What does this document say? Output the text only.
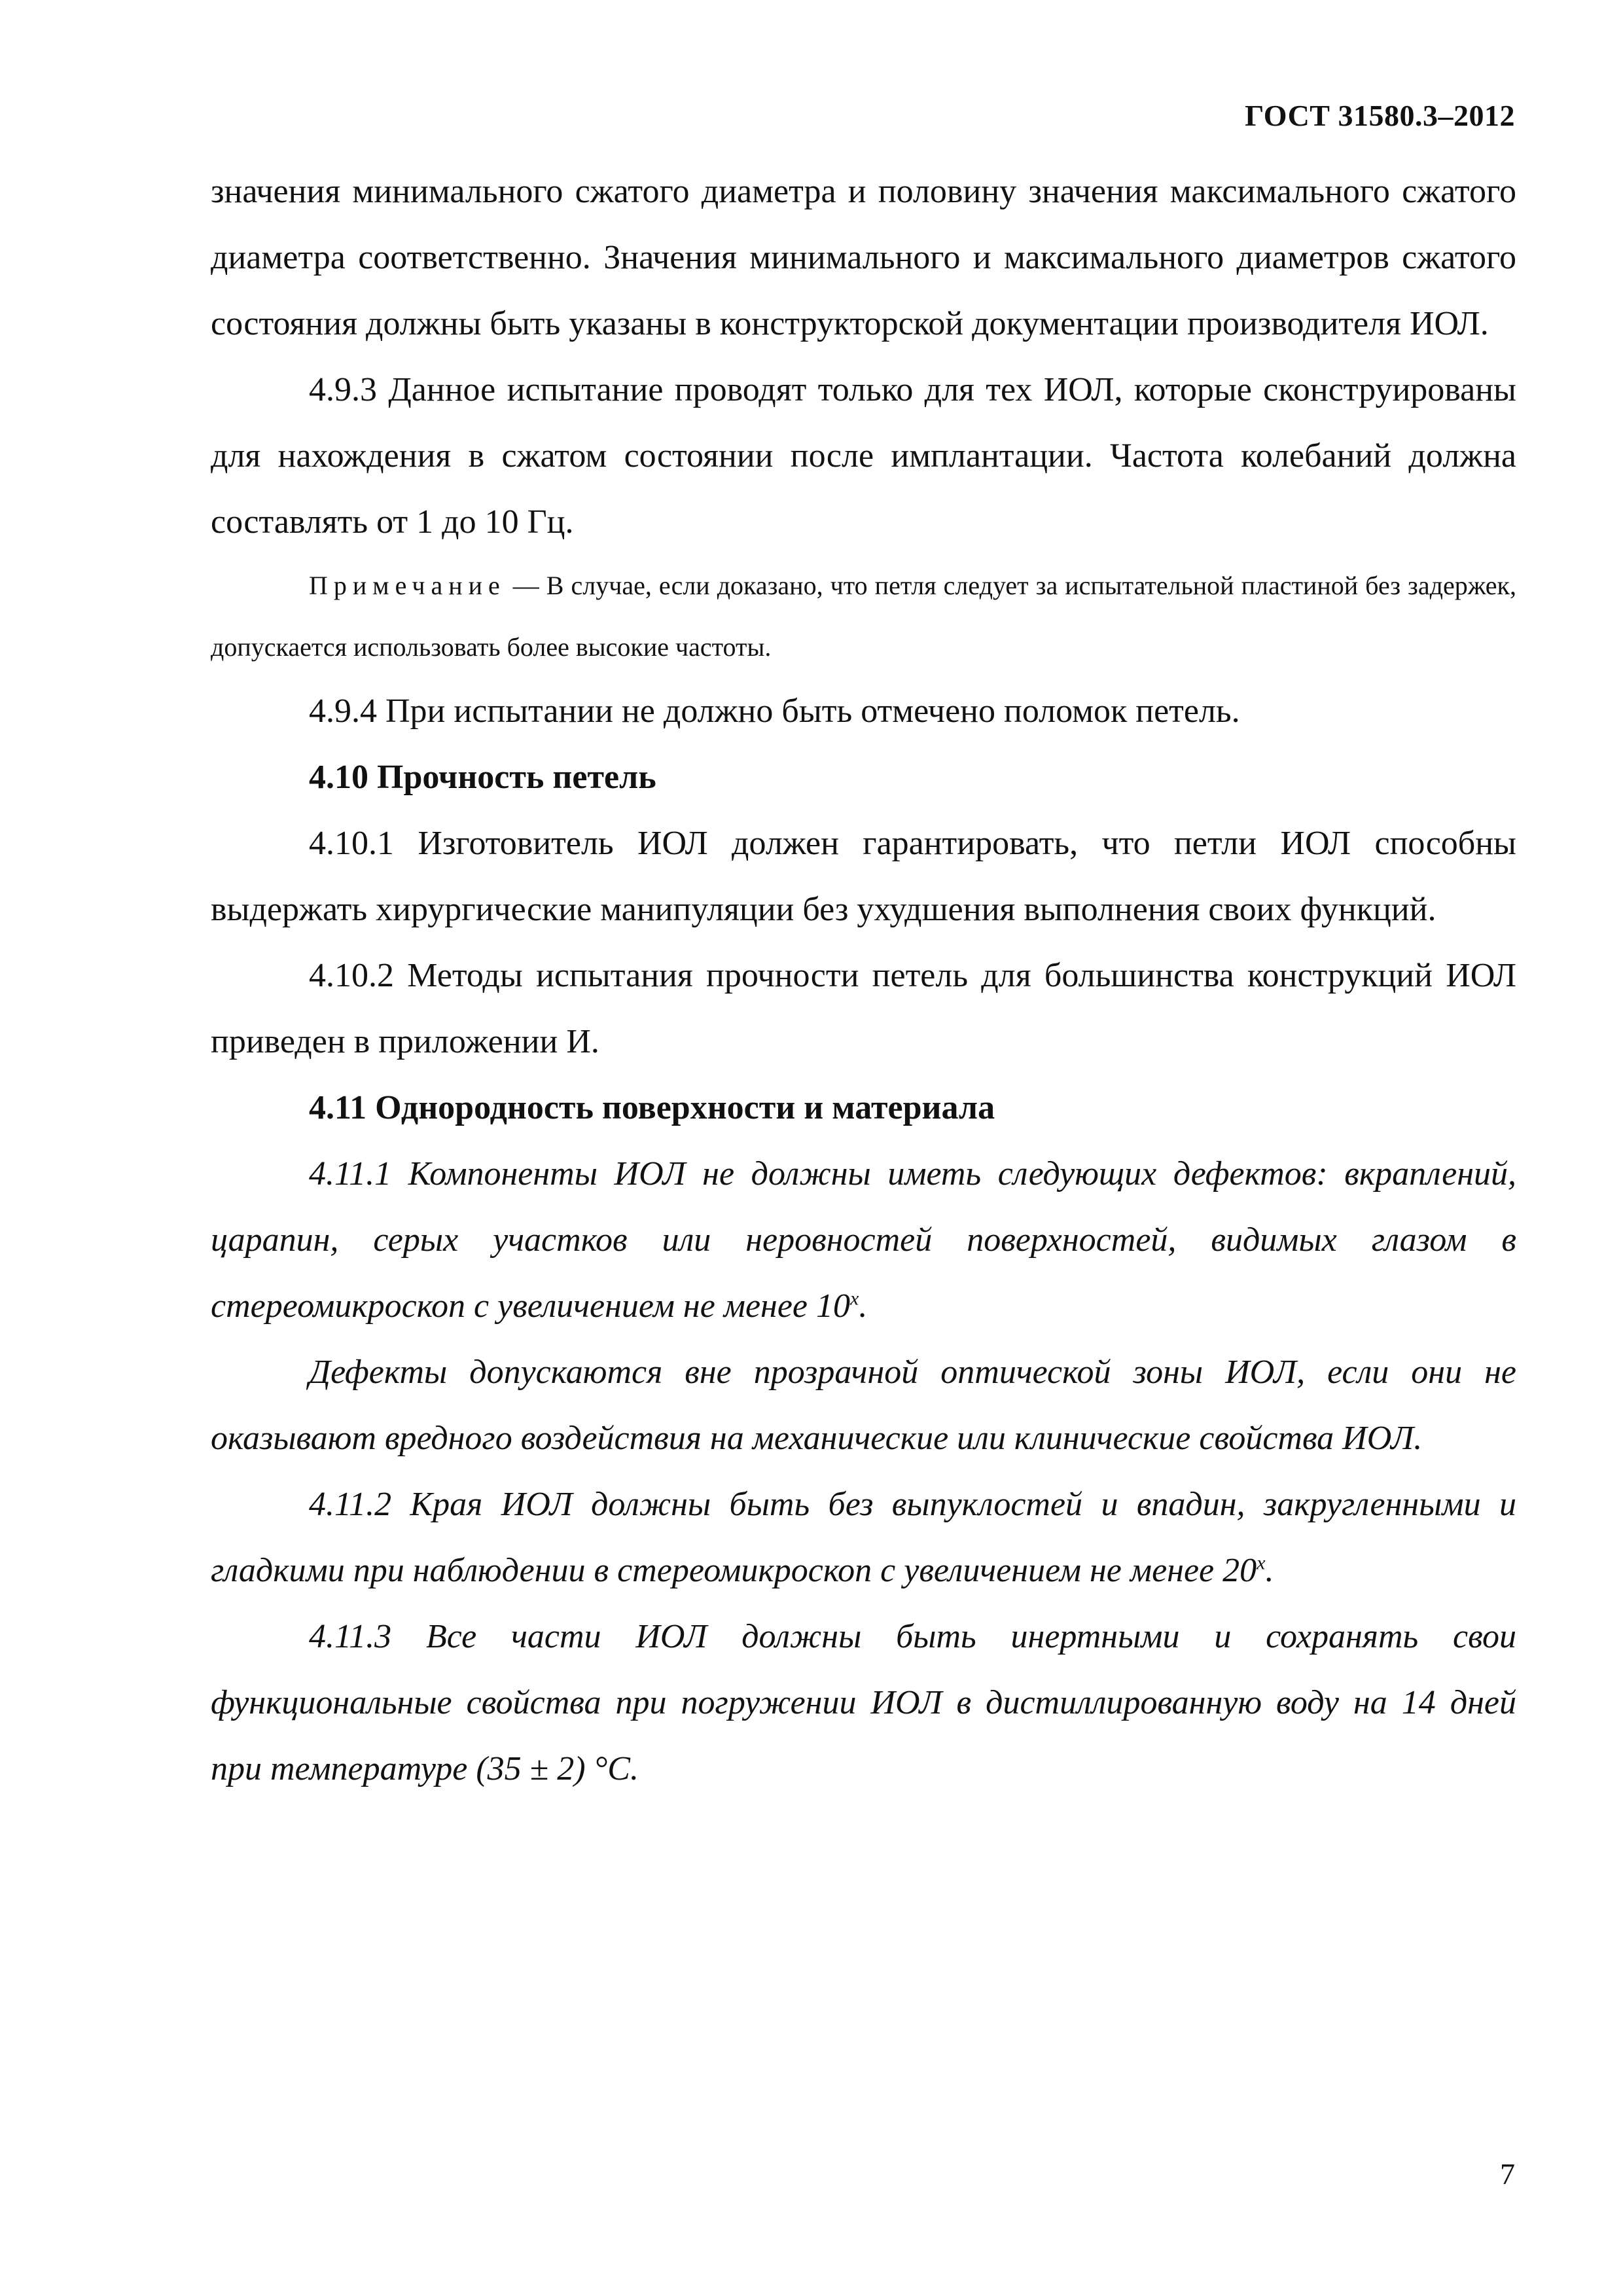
ГОСТ 31580.3–2012

значения минимального сжатого диаметра и половину значения максимального сжатого диаметра соответственно. Значения минимального и максимального диаметров сжатого состояния должны быть указаны в конструкторской документации производителя ИОЛ.

4.9.3 Данное испытание проводят только для тех ИОЛ, которые сконструированы для нахождения в сжатом состоянии после имплантации. Частота колебаний должна составлять от 1 до 10 Гц.

Примечание — В случае, если доказано, что петля следует за испытательной пластиной без задержек, допускается использовать более высокие частоты.

4.9.4 При испытании не должно быть отмечено поломок петель.

4.10 Прочность петель

4.10.1 Изготовитель ИОЛ должен гарантировать, что петли ИОЛ способны выдержать хирургические манипуляции без ухудшения выполнения своих функций.

4.10.2 Методы испытания прочности петель для большинства конструкций ИОЛ приведен в приложении И.

4.11 Однородность поверхности и материала

4.11.1 Компоненты ИОЛ не должны иметь следующих дефектов: вкраплений, царапин, серых участков или неровностей поверхностей, видимых глазом в стереомикроскоп с увеличением не менее 10$^x$.

Дефекты допускаются вне прозрачной оптической зоны ИОЛ, если они не оказывают вредного воздействия на механические или клинические свойства ИОЛ.

4.11.2 Края ИОЛ должны быть без выпуклостей и впадин, закругленными и гладкими при наблюдении в стереомикроскоп с увеличением не менее 20$^x$.

4.11.3 Все части ИОЛ должны быть инертными и сохранять свои функциональные свойства при погружении ИОЛ в дистиллированную воду на 14 дней при температуре (35 ± 2) °С.

7
